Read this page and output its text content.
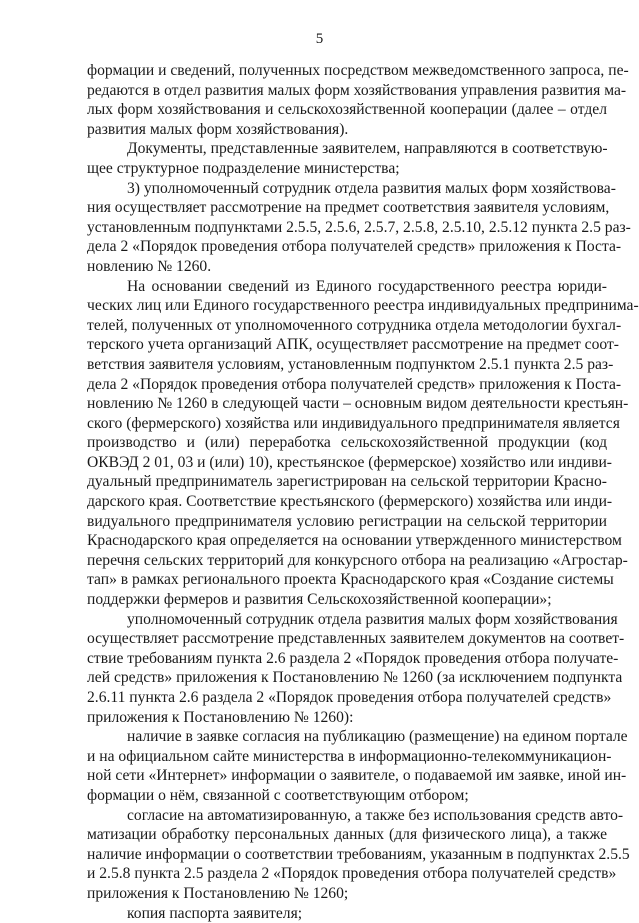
5
формации и сведений, полученных посредством межведомственного запроса, пе-
редаются в отдел развития малых форм хозяйствования управления развития ма-
лых форм хозяйствования и сельскохозяйственной кооперации (далее – отдел
развития малых форм хозяйствования).
Документы, представленные заявителем, направляются в соответствую-
щее структурное подразделение министерства;
3) уполномоченный сотрудник отдела развития малых форм хозяйствова-
ния осуществляет рассмотрение на предмет соответствия заявителя условиям,
установленным подпунктами 2.5.5, 2.5.6, 2.5.7, 2.5.8, 2.5.10, 2.5.12 пункта 2.5 раз-
дела 2 «Порядок проведения отбора получателей средств» приложения к Поста-
новлению № 1260.
На основании сведений из Единого государственного реестра юриди-
ческих лиц или Единого государственного реестра индивидуальных предпринима-
телей, полученных от уполномоченного сотрудника отдела методологии бухгал-
терского учета организаций АПК, осуществляет рассмотрение на предмет соот-
ветствия заявителя условиям, установленным подпунктом 2.5.1 пункта 2.5 раз-
дела 2 «Порядок проведения отбора получателей средств» приложения к Поста-
новлению № 1260 в следующей части – основным видом деятельности крестьян-
ского (фермерского) хозяйства или индивидуального предпринимателя является
производство и (или) переработка сельскохозяйственной продукции (код
ОКВЭД 2 01, 03 и (или) 10), крестьянское (фермерское) хозяйство или индиви-
дуальный предприниматель зарегистрирован на сельской территории Красно-
дарского края. Соответствие крестьянского (фермерского) хозяйства или инди-
видуального предпринимателя условию регистрации на сельской территории
Краснодарского края определяется на основании утвержденного министерством
перечня сельских территорий для конкурсного отбора на реализацию «Агростар-
тап» в рамках регионального проекта Краснодарского края «Создание системы
поддержки фермеров и развития Сельскохозяйственной кооперации»;
уполномоченный сотрудник отдела развития малых форм хозяйствования
осуществляет рассмотрение представленных заявителем документов на соответ-
ствие требованиям пункта 2.6 раздела 2 «Порядок проведения отбора получате-
лей средств» приложения к Постановлению № 1260 (за исключением подпункта
2.6.11 пункта 2.6 раздела 2 «Порядок проведения отбора получателей средств»
приложения к Постановлению № 1260):
наличие в заявке согласия на публикацию (размещение) на едином портале
и на официальном сайте министерства в информационно-телекоммуникацион-
ной сети «Интернет» информации о заявителе, о подаваемой им заявке, иной ин-
формации о нём, связанной с соответствующим отбором;
согласие на автоматизированную, а также без использования средств авто-
матизации обработку персональных данных (для физического лица), а также
наличие информации о соответствии требованиям, указанным в подпунктах 2.5.5
и 2.5.8 пункта 2.5 раздела 2 «Порядок проведения отбора получателей средств»
приложения к Постановлению № 1260;
копия паспорта заявителя;
